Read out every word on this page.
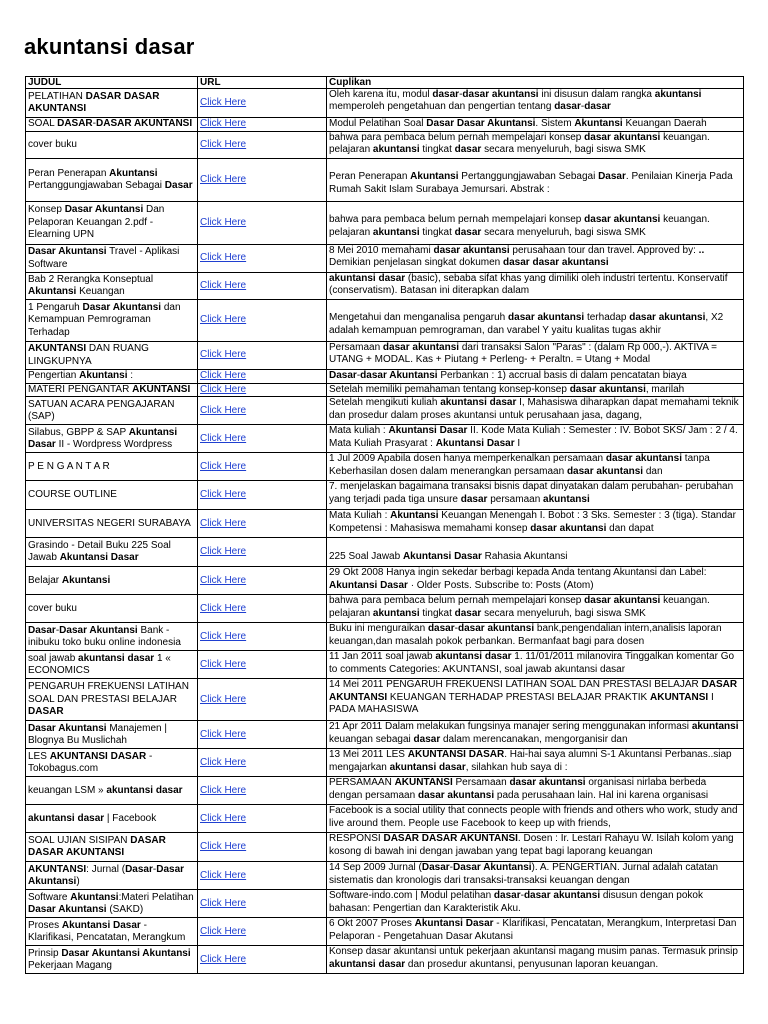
akuntansi dasar
JUDUL	URL	Cuplikan
PELATIHAN DASAR DASAR AKUNTANSI	Click Here	Oleh karena itu, modul dasar-dasar akuntansi ini disusun dalam rangka akuntansi memperoleh pengetahuan dan pengertian tentang dasar-dasar
SOAL DASAR-DASAR AKUNTANSI	Click Here	Modul Pelatihan Soal Dasar Dasar Akuntansi. Sistem Akuntansi Keuangan Daerah
cover buku	Click Here	bahwa para pembaca belum pernah mempelajari konsep dasar akuntansi keuangan. pelajaran akuntansi tingkat dasar secara menyeluruh, bagi siswa SMK
Peran Penerapan Akuntansi Pertanggungjawaban Sebagai Dasar	Click Here	Peran Penerapan Akuntansi Pertanggungjawaban Sebagai Dasar. Penilaian Kinerja Pada Rumah Sakit Islam Surabaya Jemursari. Abstrak :
Konsep Dasar Akuntansi Dan Pelaporan Keuangan 2.pdf - Elearning UPN	Click Here	bahwa para pembaca belum pernah mempelajari konsep dasar akuntansi keuangan. pelajaran akuntansi tingkat dasar secara menyeluruh, bagi siswa SMK
Dasar Akuntansi Travel - Aplikasi Software	Click Here	8 Mei 2010 memahami dasar akuntansi perusahaan tour dan travel. Approved by: .. Demikian penjelasan singkat dokumen dasar dasar akuntansi
Bab 2 Rerangka Konseptual Akuntansi Keuangan	Click Here	akuntansi dasar (basic), sebaba sifat khas yang dimiliki oleh industri tertentu. Konservatif (conservatism). Batasan ini diterapkan dalam
1 Pengaruh Dasar Akuntansi dan Kemampuan Pemrograman Terhadap	Click Here	Mengetahui dan menganalisa pengaruh dasar akuntansi terhadap dasar akuntansi, X2 adalah kemampuan pemrograman, dan varabel Y yaitu kualitas tugas akhir
AKUNTANSI DAN RUANG LINGKUPNYA	Click Here	Persamaan dasar akuntansi dari transaksi Salon "Paras" : (dalam Rp 000,-). AKTIVA = UTANG + MODAL. Kas + Piutang + Perleng- + Peraltn. = Utang + Modal
Pengertian Akuntansi :	Click Here	Dasar-dasar Akuntansi Perbankan : 1) accrual basis di dalam pencatatan biaya
MATERI PENGANTAR AKUNTANSI	Click Here	Setelah memiliki pemahaman tentang konsep-konsep dasar akuntansi, marilah
SATUAN ACARA PENGAJARAN (SAP)	Click Here	Setelah mengikuti kuliah akuntansi dasar I, Mahasiswa diharapkan dapat memahami teknik dan prosedur dalam proses akuntansi untuk perusahaan jasa, dagang,
Silabus, GBPP & SAP Akuntansi Dasar II - Wordpress Wordpress	Click Here	Mata kuliah : Akuntansi Dasar II. Kode Mata Kuliah : Semester : IV. Bobot SKS/ Jam : 2 / 4. Mata Kuliah Prasyarat : Akuntansi Dasar I
P E N G A N T A R	Click Here	1 Jul 2009 Apabila dosen hanya memperkenalkan persamaan dasar akuntansi tanpa Keberhasilan dosen dalam menerangkan persamaan dasar akuntansi dan
COURSE OUTLINE	Click Here	7. menjelaskan bagaimana transaksi bisnis dapat dinyatakan dalam perubahan- perubahan yang terjadi pada tiga unsure dasar persamaan akuntansi
UNIVERSITAS NEGERI SURABAYA	Click Here	Mata Kuliah : Akuntansi Keuangan Menengah I. Bobot : 3 Sks. Semester : 3 (tiga). Standar Kompetensi : Mahasiswa memahami konsep dasar akuntansi dan dapat
Grasindo - Detail Buku 225 Soal Jawab Akuntansi Dasar	Click Here	225 Soal Jawab Akuntansi Dasar Rahasia Akuntansi
Belajar Akuntansi	Click Here	29 Okt 2008 Hanya ingin sekedar berbagi kepada Anda tentang Akuntansi dan Label: Akuntansi Dasar · Older Posts. Subscribe to: Posts (Atom)
cover buku	Click Here	bahwa para pembaca belum pernah mempelajari konsep dasar akuntansi keuangan. pelajaran akuntansi tingkat dasar secara menyeluruh, bagi siswa SMK
Dasar-Dasar Akuntansi Bank - inibuku toko buku online indonesia	Click Here	Buku ini menguraikan dasar-dasar akuntansi bank,pengendalian intern,analisis laporan keuangan,dan masalah pokok perbankan. Bermanfaat bagi para dosen
soal jawab akuntansi dasar 1 « ECONOMICS	Click Here	11 Jan 2011 soal jawab akuntansi dasar 1. 11/01/2011 milanovira Tinggalkan komentar Go to comments Categories: AKUNTANSI, soal jawab akuntansi dasar
PENGARUH FREKUENSI LATIHAN SOAL DAN PRESTASI BELAJAR DASAR	Click Here	14 Mei 2011 PENGARUH FREKUENSI LATIHAN SOAL DAN PRESTASI BELAJAR DASAR AKUNTANSI KEUANGAN TERHADAP PRESTASI BELAJAR PRAKTIK AKUNTANSI I PADA MAHASISWA
Dasar Akuntansi Manajemen | Blognya Bu Muslichah	Click Here	21 Apr 2011 Dalam melakukan fungsinya manajer sering menggunakan informasi akuntansi keuangan sebagai dasar dalam merencanakan, mengorganisir dan
LES AKUNTANSI DASAR - Tokobagus.com	Click Here	13 Mei 2011 LES AKUNTANSI DASAR. Hai-hai saya alumni S-1 Akuntansi Perbanas..siap mengajarkan akuntansi dasar, silahkan hub saya di :
keuangan LSM » akuntansi dasar	Click Here	PERSAMAAN AKUNTANSI Persamaan dasar akuntansi organisasi nirlaba berbeda dengan persamaan dasar akuntansi pada perusahaan lain. Hal ini karena organisasi
akuntansi dasar | Facebook	Click Here	Facebook is a social utility that connects people with friends and others who work, study and live around them. People use Facebook to keep up with friends,
SOAL UJIAN SISIPAN DASAR DASAR AKUNTANSI	Click Here	RESPONSI DASAR DASAR AKUNTANSI. Dosen : Ir. Lestari Rahayu W. Isilah kolom yang kosong di bawah ini dengan jawaban yang tepat bagi laporang keuangan
AKUNTANSI: Jurnal (Dasar-Dasar Akuntansi)	Click Here	14 Sep 2009 Jurnal (Dasar-Dasar Akuntansi). A. PENGERTIAN. Jurnal adalah catatan sistematis dan kronologis dari transaksi-transaksi keuangan dengan
Software Akuntansi:Materi Pelatihan Dasar Akuntansi (SAKD)	Click Here	Software-indo.com | Modul pelatihan dasar-dasar akuntansi disusun dengan pokok bahasan: Pengertian dan Karakteristik Aku.
Proses Akuntansi Dasar - Klarifikasi, Pencatatan, Merangkum	Click Here	6 Okt 2007 Proses Akuntansi Dasar - Klarifikasi, Pencatatan, Merangkum, Interpretasi Dan Pelaporan - Pengetahuan Dasar Akutansi
Prinsip Dasar Akuntansi Akuntansi Pekerjaan Magang	Click Here	Konsep dasar akuntansi untuk pekerjaan akuntansi magang musim panas. Termasuk prinsip akuntansi dasar dan prosedur akuntansi, penyusunan laporan keuangan.
